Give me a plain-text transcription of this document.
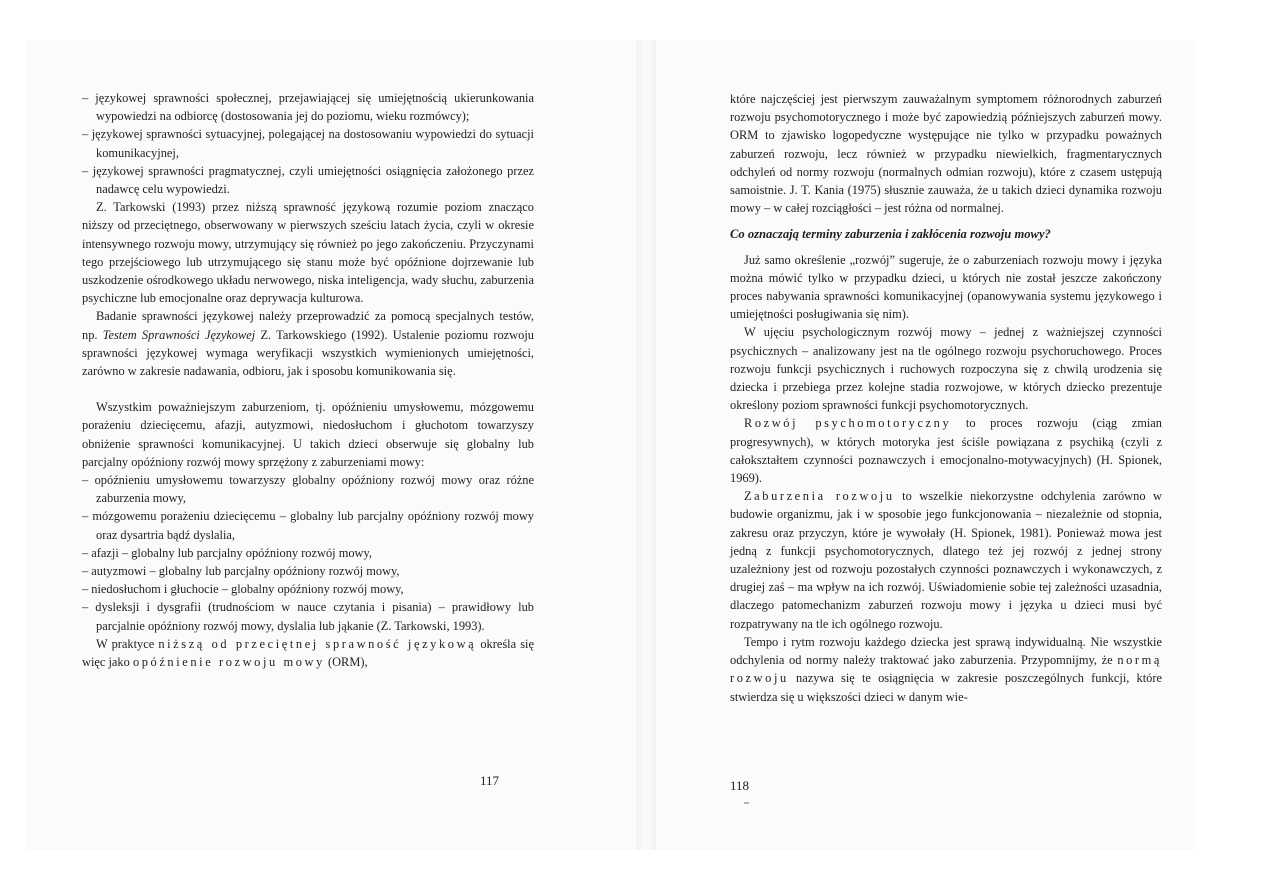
– językowej sprawności społecznej, przejawiającej się umiejętnością ukierunkowania wypowiedzi na odbiorcę (dostosowania jej do poziomu, wieku rozmówcy);

– językowej sprawności sytuacyjnej, polegającej na dostosowaniu wypowiedzi do sytuacji komunikacyjnej,

– językowej sprawności pragmatycznej, czyli umiejętności osiągnięcia założonego przez nadawcę celu wypowiedzi.

Z. Tarkowski (1993) przez niższą sprawność językową rozumie poziom znacząco niższy od przeciętnego, obserwowany w pierwszych sześciu latach życia, czyli w okresie intensywnego rozwoju mowy, utrzymujący się również po jego zakończeniu. Przyczynami tego przejściowego lub utrzymującego się stanu może być opóźnione dojrzewanie lub uszkodzenie ośrodkowego układu nerwowego, niska inteligencja, wady słuchu, zaburzenia psychiczne lub emocjonalne oraz deprywacja kulturowa.

Badanie sprawności językowej należy przeprowadzić za pomocą specjalnych testów, np. Testem Sprawności Językowej Z. Tarkowskiego (1992). Ustalenie poziomu rozwoju sprawności językowej wymaga weryfikacji wszystkich wymienionych umiejętności, zarówno w zakresie nadawania, odbioru, jak i sposobu komunikowania się.

Wszystkim poważniejszym zaburzeniom, tj. opóźnieniu umysłowemu, mózgowemu porażeniu dziecięcemu, afazji, autyzmowi, niedosłuchom i głuchotom towarzyszy obniżenie sprawności komunikacyjnej. U takich dzieci obserwuje się globalny lub parcjalny opóźniony rozwój mowy sprzężony z zaburzeniami mowy:

– opóźnieniu umysłowemu towarzyszy globalny opóźniony rozwój mowy oraz różne zaburzenia mowy,

– mózgowemu porażeniu dziecięcemu – globalny lub parcjalny opóźniony rozwój mowy oraz dysartria bądź dyslalia,

– afazji – globalny lub parcjalny opóźniony rozwój mowy,

– autyzmowi – globalny lub parcjalny opóźniony rozwój mowy,

– niedosłuchom i głuchocie – globalny opóźniony rozwój mowy,

– dysleksji i dysgrafii (trudnościom w nauce czytania i pisania) – prawidłowy lub parcjalnie opóźniony rozwój mowy, dyslalia lub jąkanie (Z. Tarkowski, 1993).

W praktyce niższą od przeciętnej sprawność językową określa się więc jako opóźnienie rozwoju mowy (ORM),

117

które najczęściej jest pierwszym zauważalnym symptomem różnorodnych zaburzeń rozwoju psychomotorycznego i może być zapowiedzią późniejszych zaburzeń mowy. ORM to zjawisko logopedyczne występujące nie tylko w przypadku poważnych zaburzeń rozwoju, lecz również w przypadku niewielkich, fragmentarycznych odchyleń od normy rozwoju (normalnych odmian rozwoju), które z czasem ustępują samoistnie. J. T. Kania (1975) słusznie zauważa, że u takich dzieci dynamika rozwoju mowy – w całej rozciągłości – jest różna od normalnej.

Co oznaczają terminy zaburzenia i zakłócenia rozwoju mowy?

Już samo określenie „rozwój” sugeruje, że o zaburzeniach rozwoju mowy i języka można mówić tylko w przypadku dzieci, u których nie został jeszcze zakończony proces nabywania sprawności komunikacyjnej (opanowywania systemu językowego i umiejętności posługiwania się nim).

W ujęciu psychologicznym rozwój mowy – jednej z ważniejszej czynności psychicznych – analizowany jest na tle ogólnego rozwoju psychoruchowego. Proces rozwoju funkcji psychicznych i ruchowych rozpoczyna się z chwilą urodzenia się dziecka i przebiega przez kolejne stadia rozwojowe, w których dziecko prezentuje określony poziom sprawności funkcji psychomotorycznych.

Rozwój psychomotoryczny to proces rozwoju (ciąg zmian progresywnych), w których motoryka jest ściśle powiązana z psychiką (czyli z całokształtem czynności poznawczych i emocjonalno-motywacyjnych) (H. Spionek, 1969).

Zaburzenia rozwoju to wszelkie niekorzystne odchylenia zarówno w budowie organizmu, jak i w sposobie jego funkcjonowania – niezależnie od stopnia, zakresu oraz przyczyn, które je wywołały (H. Spionek, 1981). Ponieważ mowa jest jedną z funkcji psychomotorycznych, dlatego też jej rozwój z jednej strony uzależniony jest od rozwoju pozostałych czynności poznawczych i wykonawczych, z drugiej zaś – ma wpływ na ich rozwój. Uświadomienie sobie tej zależności uzasadnia, dlaczego patomechanizm zaburzeń rozwoju mowy i języka u dzieci musi być rozpatrywany na tle ich ogólnego rozwoju.

Tempo i rytm rozwoju każdego dziecka jest sprawą indywidualną. Nie wszystkie odchylenia od normy należy traktować jako zaburzenia. Przypomnijmy, że normą rozwoju nazywa się te osiągnięcia w zakresie poszczególnych funkcji, które stwierdza się u większości dzieci w danym wie-

118
